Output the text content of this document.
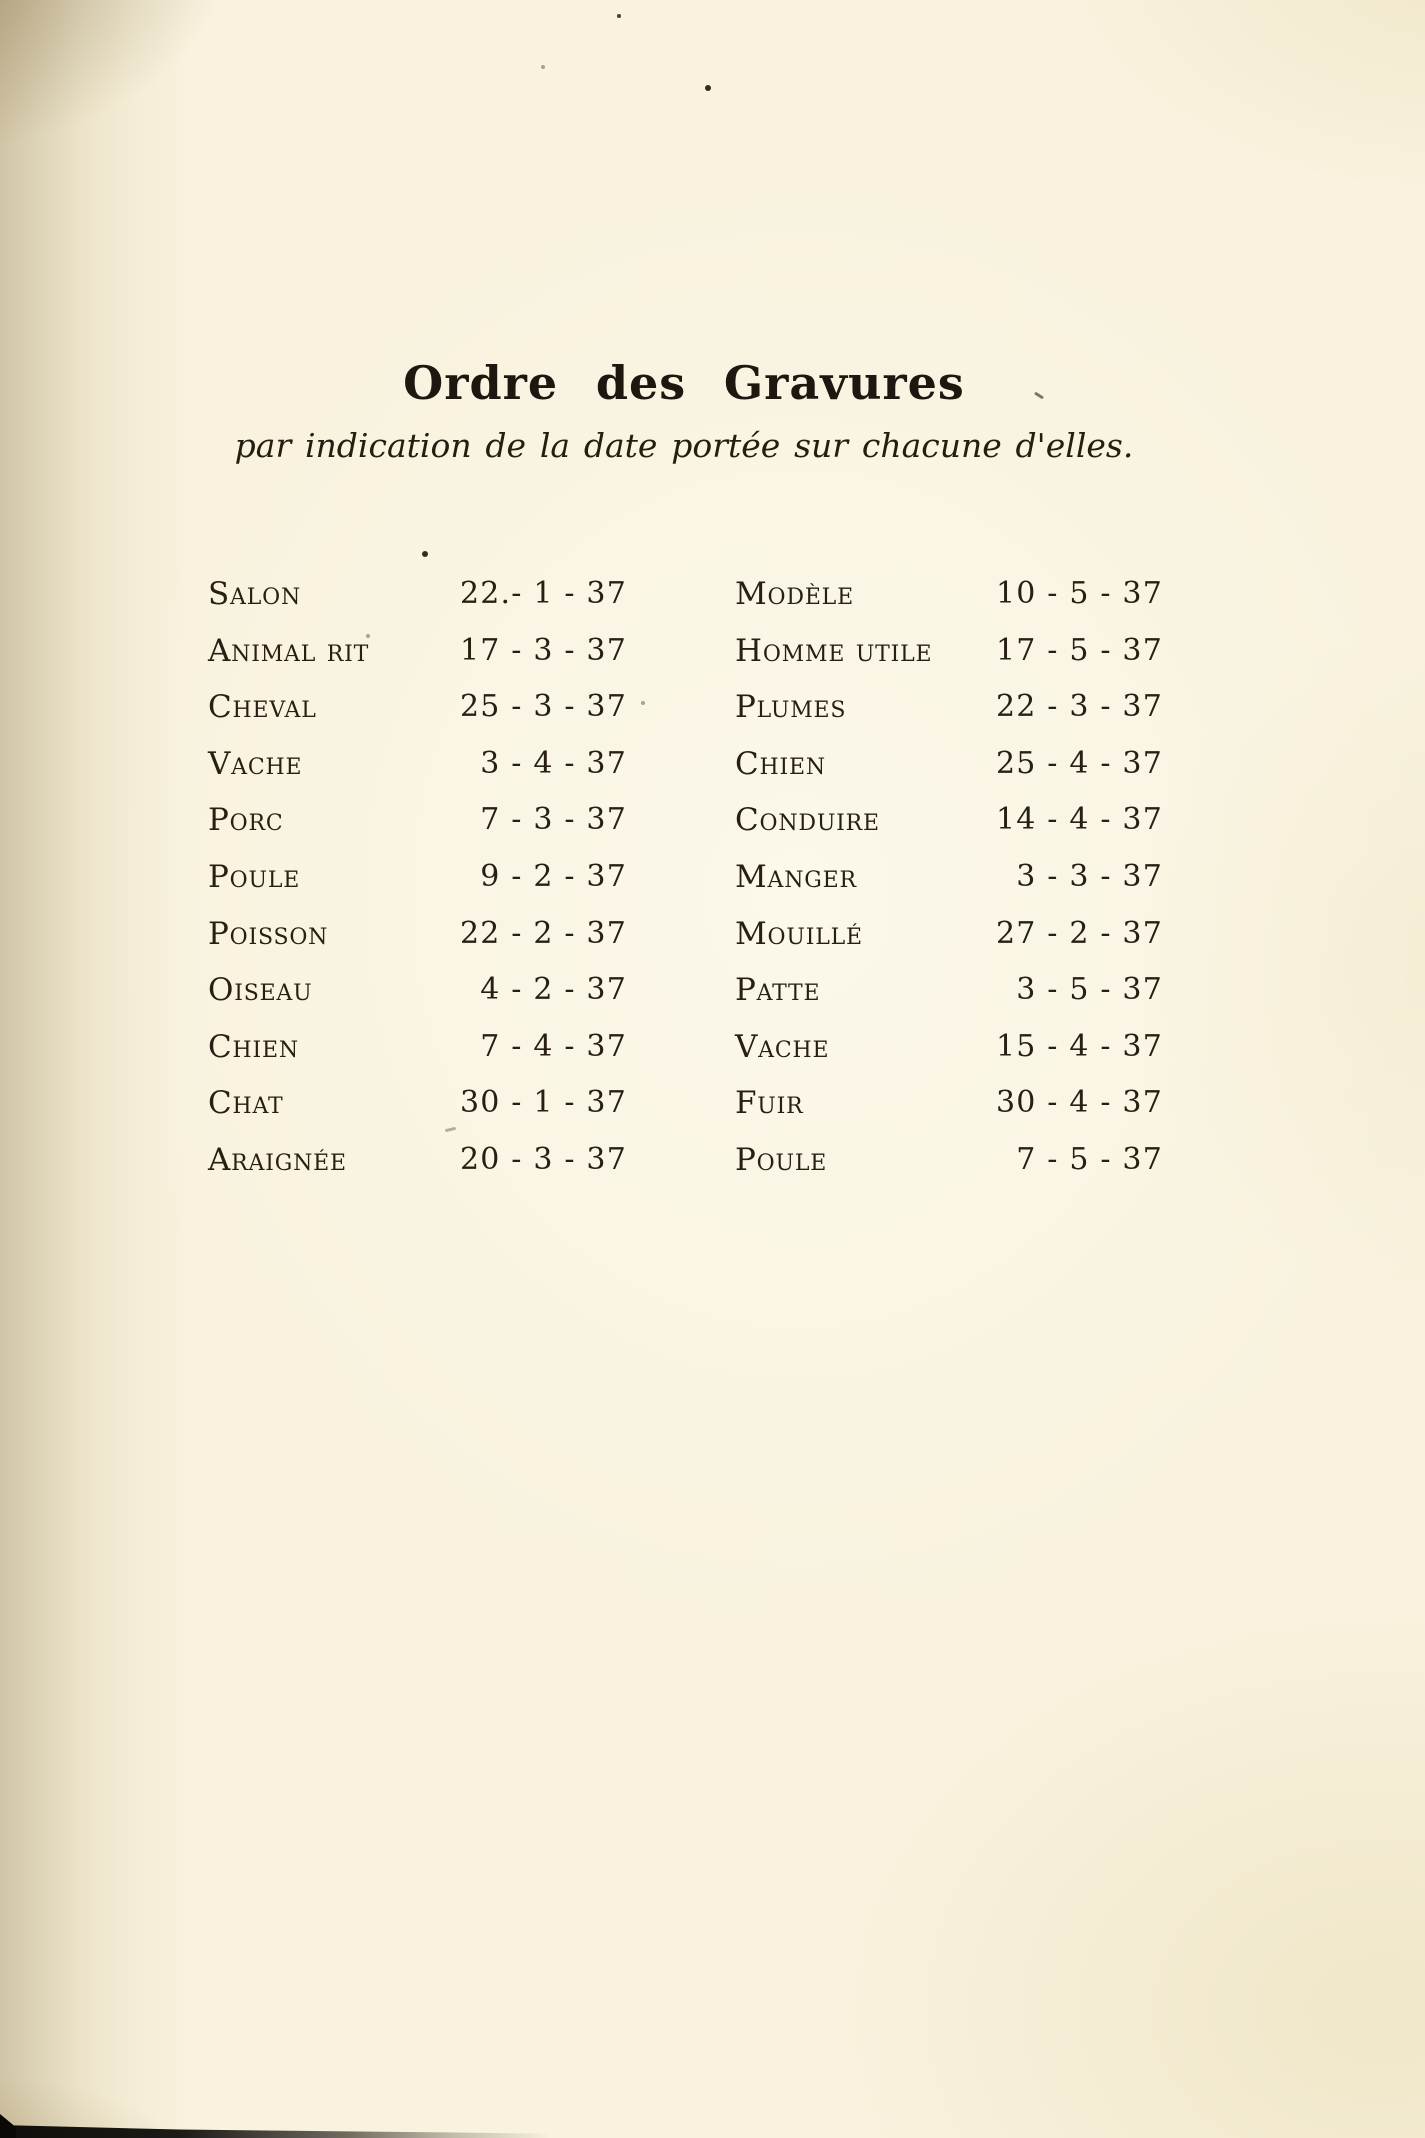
Ordre des Gravures
par indication de la date portée sur chacune d'elles.
Salon	22.- 1 - 37	Modèle	10 - 5 - 37
Animal rit	17 - 3 - 37	Homme utile	17 - 5 - 37
Cheval	25 - 3 - 37	Plumes	22 - 3 - 37
Vache	3 - 4 - 37	Chien	25 - 4 - 37
Porc	7 - 3 - 37	Conduire	14 - 4 - 37
Poule	9 - 2 - 37	Manger	3 - 3 - 37
Poisson	22 - 2 - 37	Mouillé	27 - 2 - 37
Oiseau	4 - 2 - 37	Patte	3 - 5 - 37
Chien	7 - 4 - 37	Vache	15 - 4 - 37
Chat	30 - 1 - 37	Fuir	30 - 4 - 37
Araignée	20 - 3 - 37	Poule	7 - 5 - 37
